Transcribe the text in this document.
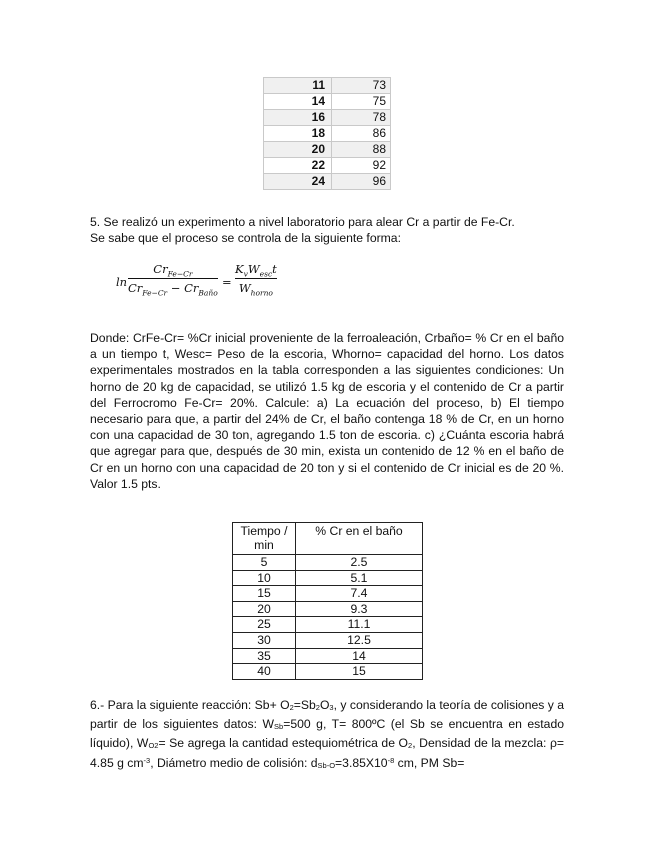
11	73
14	75
16	78
18	86
20	88
22	92
24	96

5. Se realizó un experimento a nivel laboratorio para alear Cr a partir de Fe-Cr.
Se sabe que el proceso se controla de la siguiente forma:

ln
$Cr_{Fe-Cr}$
$Cr_{Fe-Cr} - Cr_{Baño}$
=
$K_vW_{esc}t$
$W_{horno}$

Donde: CrFe-Cr= %Cr inicial proveniente de la ferroaleación, Crbaño= % Cr en el baño a un tiempo t, Wesc= Peso de la escoria, Whorno= capacidad del horno. Los datos experimentales mostrados en la tabla corresponden a las siguientes condiciones: Un horno de 20 kg de capacidad, se utilizó 1.5 kg de escoria y el contenido de Cr a partir del Ferrocromo Fe-Cr= 20%. Calcule: a) La ecuación del proceso, b) El tiempo necesario para que, a partir del 24% de Cr, el baño contenga 18 % de Cr, en un horno con una capacidad de 30 ton, agregando 1.5 ton de escoria. c) ¿Cuánta escoria habrá que agregar para que, después de 30 min, exista un contenido de 12 % en el baño de Cr en un horno con una capacidad de 20 ton y si el contenido de Cr inicial es de 20 %. Valor 1.5 pts.

Tiempo / min	% Cr en el baño
5	2.5
10	5.1
15	7.4
20	9.3
25	11.1
30	12.5
35	14
40	15

6.- Para la siguiente reacción: Sb+ O2=Sb2O3, y considerando la teoría de colisiones y a partir de los siguientes datos: WSb=500 g, T= 800ºC (el Sb se encuentra en estado líquido), WO2= Se agrega la cantidad estequiométrica de O2, Densidad de la mezcla: ρ= 4.85 g $cm^{-3}$, Diámetro medio de colisión: dSb-$O=3.85X10^{-8}$ cm, PM Sb=
